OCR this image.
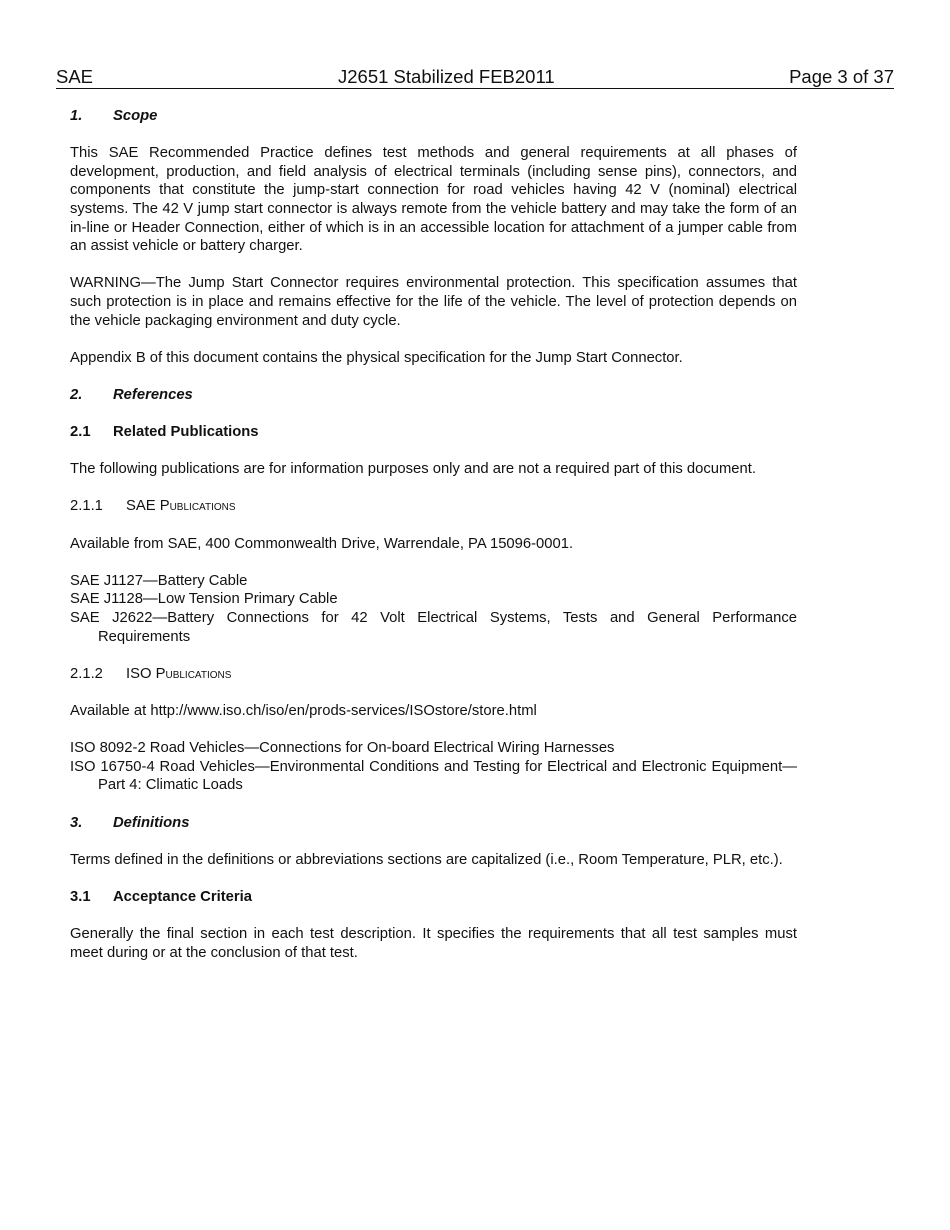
SAE	J2651 Stabilized FEB2011	Page 3 of 37

1. Scope

This SAE Recommended Practice defines test methods and general requirements at all phases of development, production, and field analysis of electrical terminals (including sense pins), connectors, and components that constitute the jump-start connection for road vehicles having 42 V (nominal) electrical systems. The 42 V jump start connector is always remote from the vehicle battery and may take the form of an in-line or Header Connection, either of which is in an accessible location for attachment of a jumper cable from an assist vehicle or battery charger.

WARNING—The Jump Start Connector requires environmental protection. This specification assumes that such protection is in place and remains effective for the life of the vehicle. The level of protection depends on the vehicle packaging environment and duty cycle.

Appendix B of this document contains the physical specification for the Jump Start Connector.

2. References

2.1 Related Publications

The following publications are for information purposes only and are not a required part of this document.

2.1.1 SAE Publications

Available from SAE, 400 Commonwealth Drive, Warrendale, PA 15096-0001.

SAE J1127—Battery Cable

SAE J1128—Low Tension Primary Cable

SAE J2622—Battery Connections for 42 Volt Electrical Systems, Tests and General Performance Requirements

2.1.2 ISO Publications

Available at http://www.iso.ch/iso/en/prods-services/ISOstore/store.html

ISO 8092-2 Road Vehicles—Connections for On-board Electrical Wiring Harnesses

ISO 16750-4 Road Vehicles—Environmental Conditions and Testing for Electrical and Electronic Equipment—Part 4: Climatic Loads

3. Definitions

Terms defined in the definitions or abbreviations sections are capitalized (i.e., Room Temperature, PLR, etc.).

3.1 Acceptance Criteria

Generally the final section in each test description. It specifies the requirements that all test samples must meet during or at the conclusion of that test.
